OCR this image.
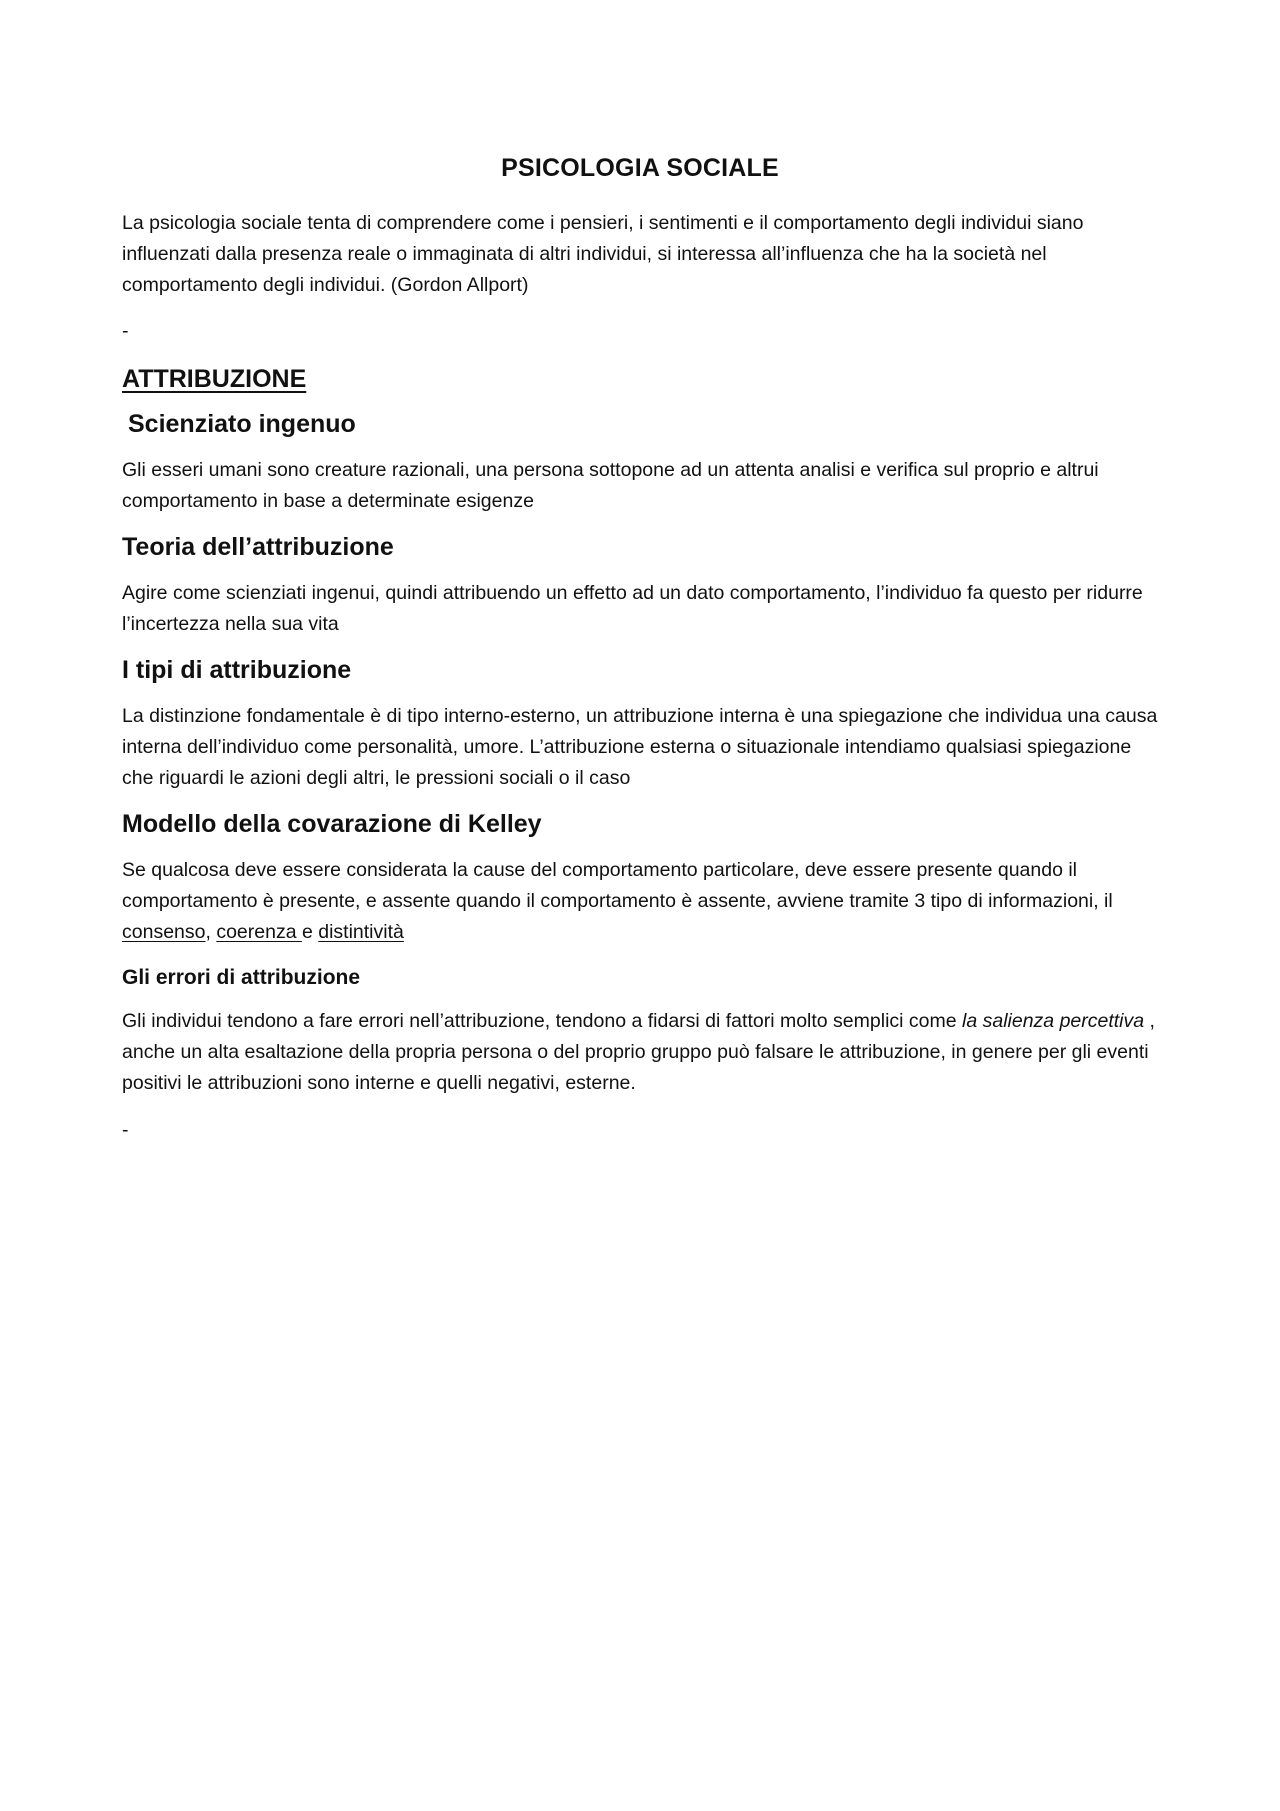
PSICOLOGIA SOCIALE

La psicologia sociale tenta di comprendere come i pensieri, i sentimenti e il comportamento degli individui siano influenzati dalla presenza reale o immaginata di altri individui, si interessa all’influenza che ha la società nel comportamento degli individui. (Gordon Allport)

-
ATTRIBUZIONE
Scienziato ingenuo

Gli esseri umani sono creature razionali, una persona sottopone ad un attenta analisi e verifica sul proprio e altrui comportamento in base a determinate esigenze

Teoria dell’attribuzione

Agire come scienziati ingenui, quindi attribuendo un effetto ad un dato comportamento, l’individuo fa questo per ridurre l’incertezza nella sua vita

I tipi di attribuzione

La distinzione fondamentale è di tipo interno-esterno, un attribuzione interna è una spiegazione che individua una causa interna dell’individuo come personalità, umore. L’attribuzione esterna o situazionale intendiamo qualsiasi spiegazione che riguardi le azioni degli altri, le pressioni sociali o il caso

Modello della covarazione di Kelley

Se qualcosa deve essere considerata la cause del comportamento particolare, deve essere presente quando il comportamento è presente, e assente quando il comportamento è assente, avviene tramite 3 tipo di informazioni, il consenso, coerenza e distintività

Gli errori di attribuzione

Gli individui tendono a fare errori nell’attribuzione, tendono a fidarsi di fattori molto semplici come la salienza percettiva , anche un alta esaltazione della propria persona o del proprio gruppo può falsare le attribuzione, in genere per gli eventi positivi le attribuzioni sono interne e quelli negativi, esterne.

-
